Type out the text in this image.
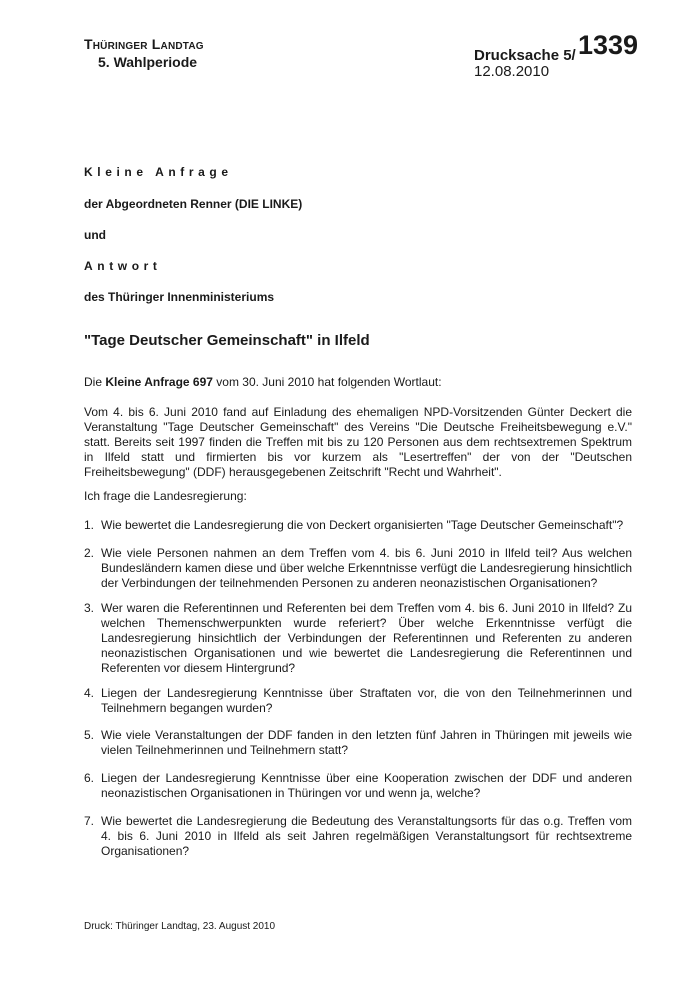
Thüringer Landtag
5. Wahlperiode	Drucksache 5/ 1339
12.08.2010
Kleine Anfrage
der Abgeordneten Renner (DIE LINKE)
und
Antwort
des Thüringer Innenministeriums
"Tage Deutscher Gemeinschaft" in Ilfeld
Die Kleine Anfrage 697 vom 30. Juni 2010 hat folgenden Wortlaut:
Vom 4. bis 6. Juni 2010 fand auf Einladung des ehemaligen NPD-Vorsitzenden Günter Deckert die Veranstaltung "Tage Deutscher Gemeinschaft" des Vereins "Die Deutsche Freiheitsbewegung e.V." statt. Bereits seit 1997 finden die Treffen mit bis zu 120 Personen aus dem rechtsextremen Spektrum in Ilfeld statt und firmierten bis vor kurzem als "Lesertreffen" der von der "Deutschen Freiheitsbewegung" (DDF) herausgegebenen Zeitschrift "Recht und Wahrheit".
Ich frage die Landesregierung:
1. Wie bewertet die Landesregierung die von Deckert organisierten "Tage Deutscher Gemeinschaft"?
2. Wie viele Personen nahmen an dem Treffen vom 4. bis 6. Juni 2010 in Ilfeld teil? Aus welchen Bundesländern kamen diese und über welche Erkenntnisse verfügt die Landesregierung hinsichtlich der Verbindungen der teilnehmenden Personen zu anderen neonazistischen Organisationen?
3. Wer waren die Referentinnen und Referenten bei dem Treffen vom 4. bis 6. Juni 2010 in Ilfeld? Zu welchen Themenschwerpunkten wurde referiert? Über welche Erkenntnisse verfügt die Landesregierung hinsichtlich der Verbindungen der Referentinnen und Referenten zu anderen neonazistischen Organisationen und wie bewertet die Landesregierung die Referentinnen und Referenten vor diesem Hintergrund?
4. Liegen der Landesregierung Kenntnisse über Straftaten vor, die von den Teilnehmerinnen und Teilnehmern begangen wurden?
5. Wie viele Veranstaltungen der DDF fanden in den letzten fünf Jahren in Thüringen mit jeweils wie vielen Teilnehmerinnen und Teilnehmern statt?
6. Liegen der Landesregierung Kenntnisse über eine Kooperation zwischen der DDF und anderen neonazistischen Organisationen in Thüringen vor und wenn ja, welche?
7. Wie bewertet die Landesregierung die Bedeutung des Veranstaltungsorts für das o.g. Treffen vom 4. bis 6. Juni 2010 in Ilfeld als seit Jahren regelmäßigen Veranstaltungsort für rechtsextreme Organisationen?
Druck: Thüringer Landtag, 23. August 2010
